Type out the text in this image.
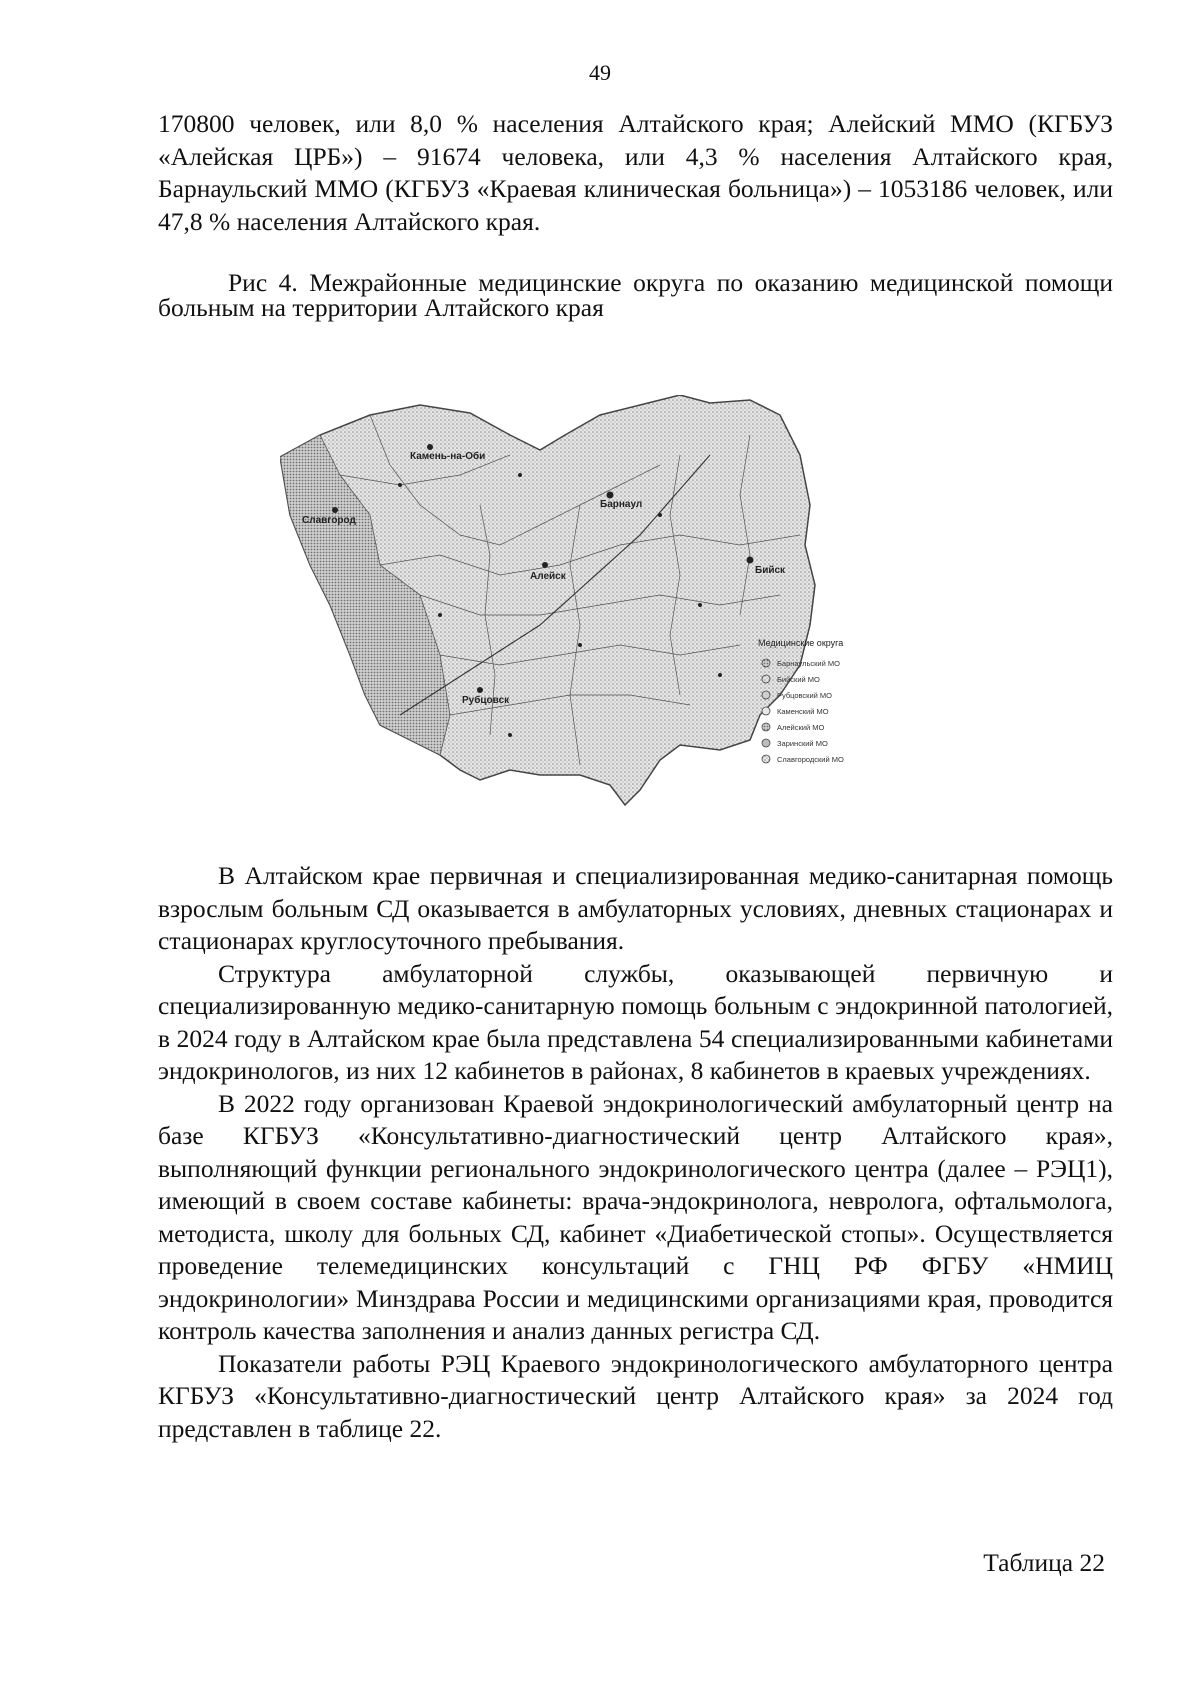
49

170800 человек, или 8,0 % населения Алтайского края; Алейский ММО (КГБУЗ «Алейская ЦРБ») – 91674 человека, или 4,3 % населения Алтайского края, Барнаульский ММО (КГБУЗ «Краевая клиническая больница») – 1053186 человек, или 47,8 % населения Алтайского края.

Рис 4. Межрайонные медицинские округа по оказанию медицинской помощи больным на территории Алтайского края
Камень-на-Оби
Славгород
Барнаул
Алейск
Бийск
Рубцовск
Медицинские округа
Барнаульский МО
Бийский МО
Рубцовский МО
Каменский МО
Алейский МО
Заринский МО
Славгородский МО

В Алтайском крае первичная и специализированная медико-санитарная помощь взрослым больным СД оказывается в амбулаторных условиях, дневных стационарах и стационарах круглосуточного пребывания.

Структура амбулаторной службы, оказывающей первичную и специализированную медико-санитарную помощь больным с эндокринной патологией, в 2024 году в Алтайском крае была представлена 54 специализированными кабинетами эндокринологов, из них 12 кабинетов в районах, 8 кабинетов в краевых учреждениях.

В 2022 году организован Краевой эндокринологический амбулаторный центр на базе КГБУЗ «Консультативно-диагностический центр Алтайского края», выполняющий функции регионального эндокринологического центра (далее – РЭЦ1), имеющий в своем составе кабинеты: врача-эндокринолога, невролога, офтальмолога, методиста, школу для больных СД, кабинет «Диабетической стопы». Осуществляется проведение телемедицинских консультаций с ГНЦ РФ ФГБУ «НМИЦ эндокринологии» Минздрава России и медицинскими организациями края, проводится контроль качества заполнения и анализ данных регистра СД.

Показатели работы РЭЦ Краевого эндокринологического амбулаторного центра КГБУЗ «Консультативно-диагностический центр Алтайского края» за 2024 год представлен в таблице 22.

Таблица 22
